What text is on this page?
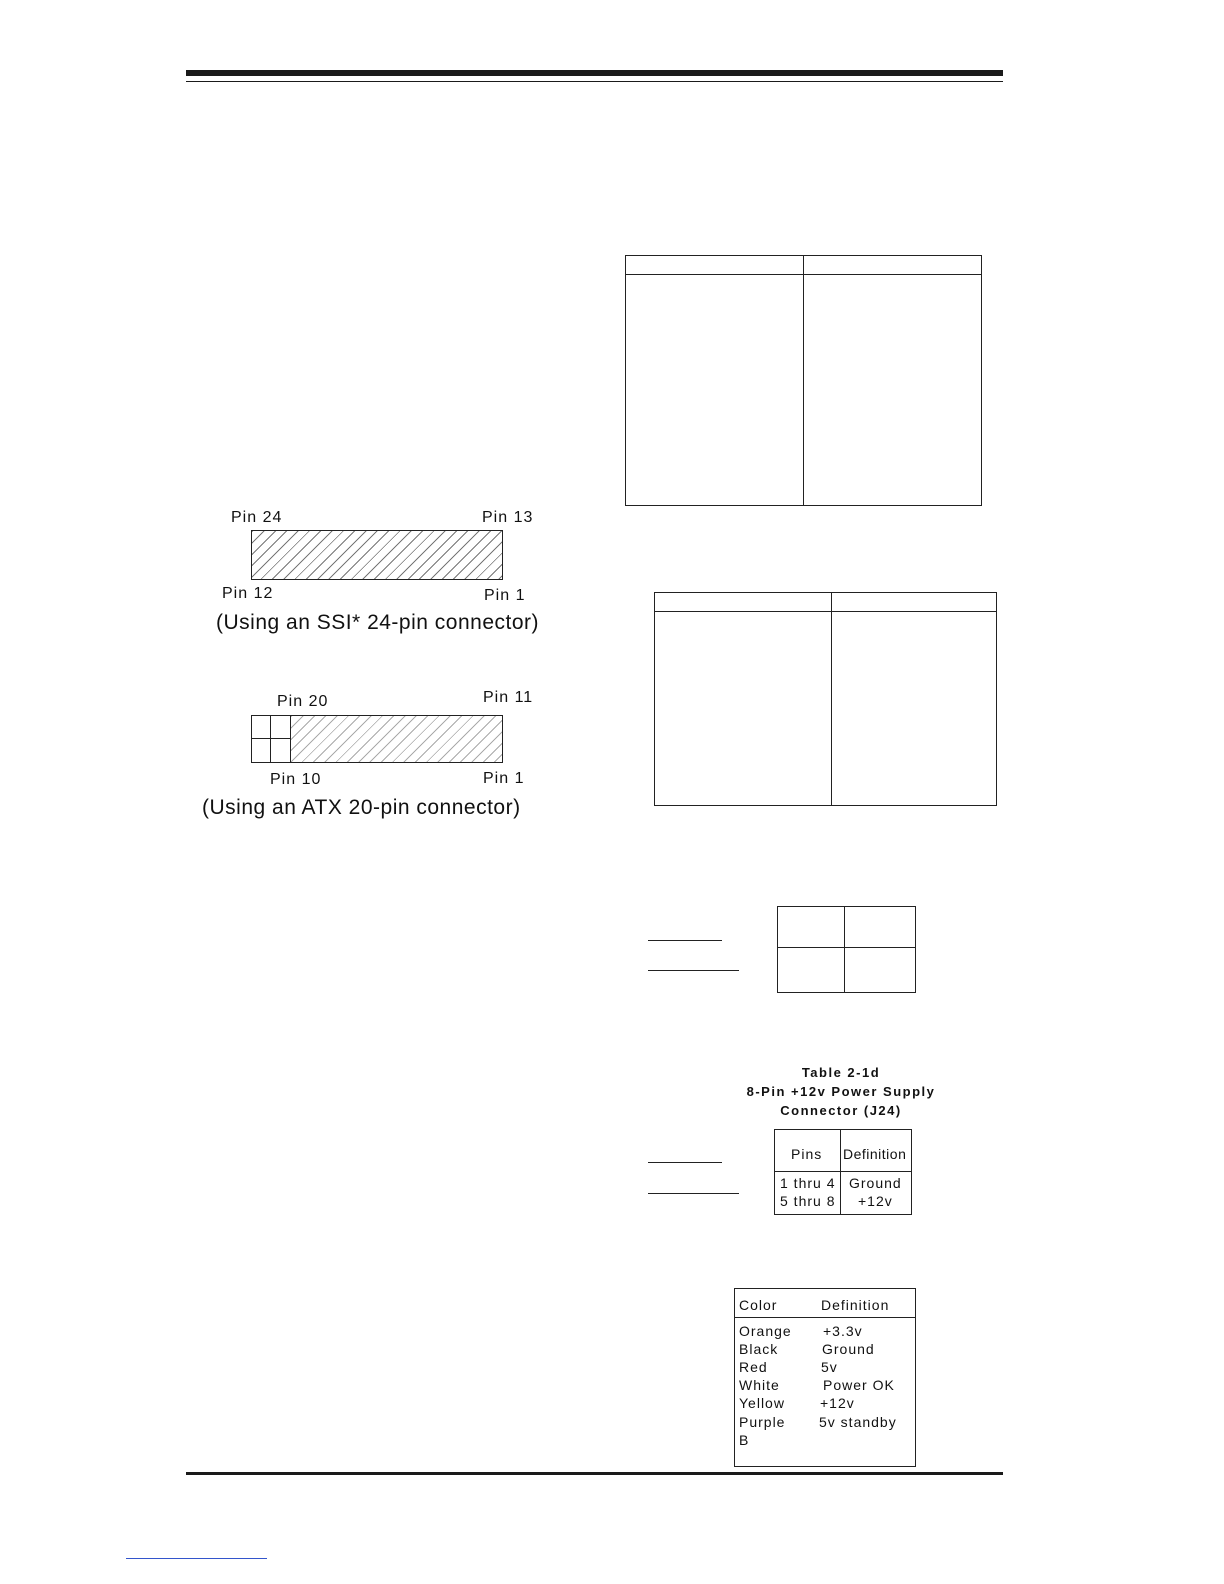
Pin 24	Pin 13
Pin 12	Pin 1
(Using an SSI* 24-pin connector)
Pin 20	Pin 11
Pin 10	Pin 1
(Using an ATX 20-pin connector)
Table 2-1d
8-Pin +12v Power Supply
Connector (J24)
Pins Definition
1 thru 4 Ground
5 thru 8 +12v
Color	Definition
Orange +3.3v
Black	Ground
Red	5v
White	Power OK
Yellow	+12v
Purple 5v standby
B
